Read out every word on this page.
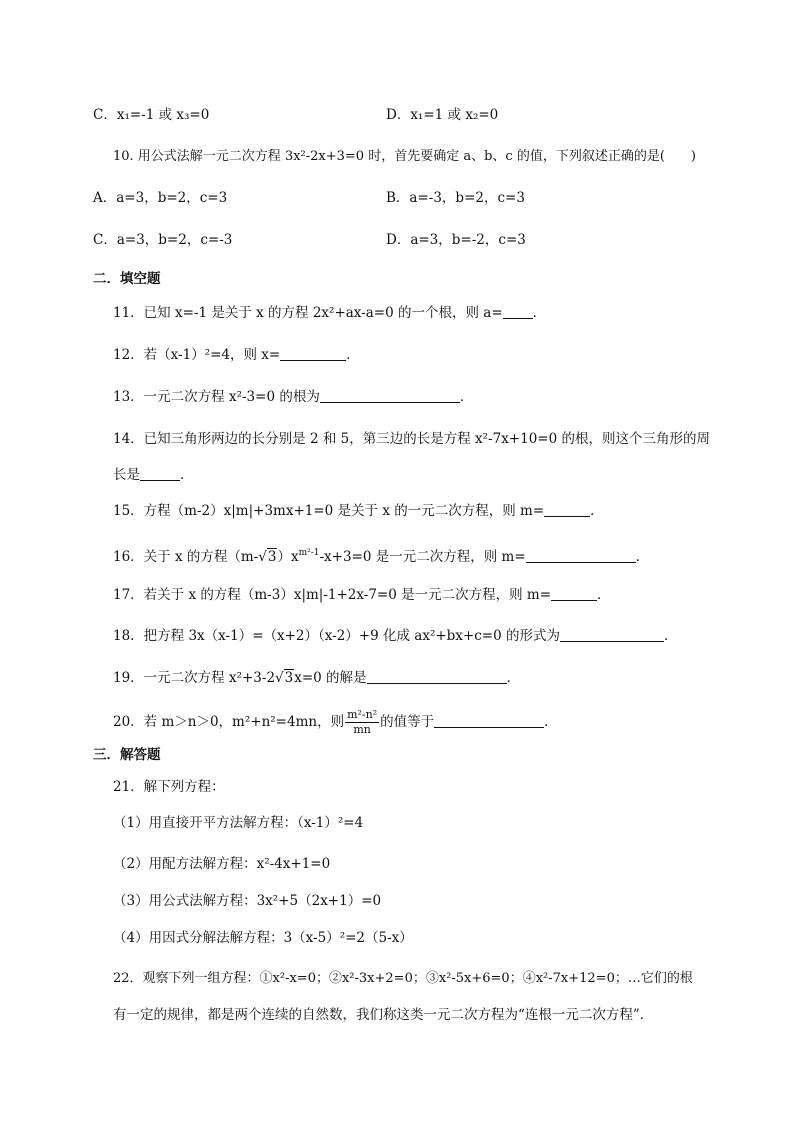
C．x₁=-1 或 x₃=0	D．x₁=1 或 x₂=0
10. 用公式法解一元二次方程 3x²-2x+3=0 时，首先要确定 a、b、c 的值，下列叙述正确的是(　　)
A．a=3，b=2，c=3	B．a=-3，b=2，c=3
C．a=3，b=2，c=-3	D．a=3，b=-2，c=3
二．填空题
11．已知 x=-1 是关于 x 的方程 2x²+ax-a=0 的一个根，则 a= ．
12．若（x-1）²=4，则 x=	．
13．一元二次方程 x²-3=0 的根为	．
14．已知三角形两边的长分别是 2 和 5，第三边的长是方程 x²-7x+10=0 的根，则这个三角形的周
长是	．
15．方程（m-2）x|m|+3mx+1=0 是关于 x 的一元二次方程，则 m=	．
16．关于 x 的方程$(m-√3)x^{m^2-1}-x+3=0$ 是一元二次方程，则 m=	．
17．若关于 x 的方程（m-3）x|m|-1+2x-7=0 是一元二次方程，则 m=	．
18．把方程 3x（x-1）=（x+2）（x-2）+9 化成 ax²+bx+c=0 的形式为	．
19．一元二次方程 x²+3-2√3x=0 的解是	．
20．若 m＞n＞0，m²+n²=4mn，则 $\frac{\text{m²-n²}}{mn}$ 的值等于	．
三．解答题
21．解下列方程：
（1）用直接开平方法解方程：（x-1）²=4
（2）用配方法解方程：x²-4x+1=0
（3）用公式法解方程：3x²+5（2x+1）=0
（4）用因式分解法解方程：3（x-5）²=2（5-x）
22．观察下列一组方程：①x²-x=0；②x²-3x+2=0；③x²-5x+6=0；④x²-7x+12=0；…它们的根
有一定的规律，都是两个连续的自然数，我们称这类一元二次方程为“连根一元二次方程”．
